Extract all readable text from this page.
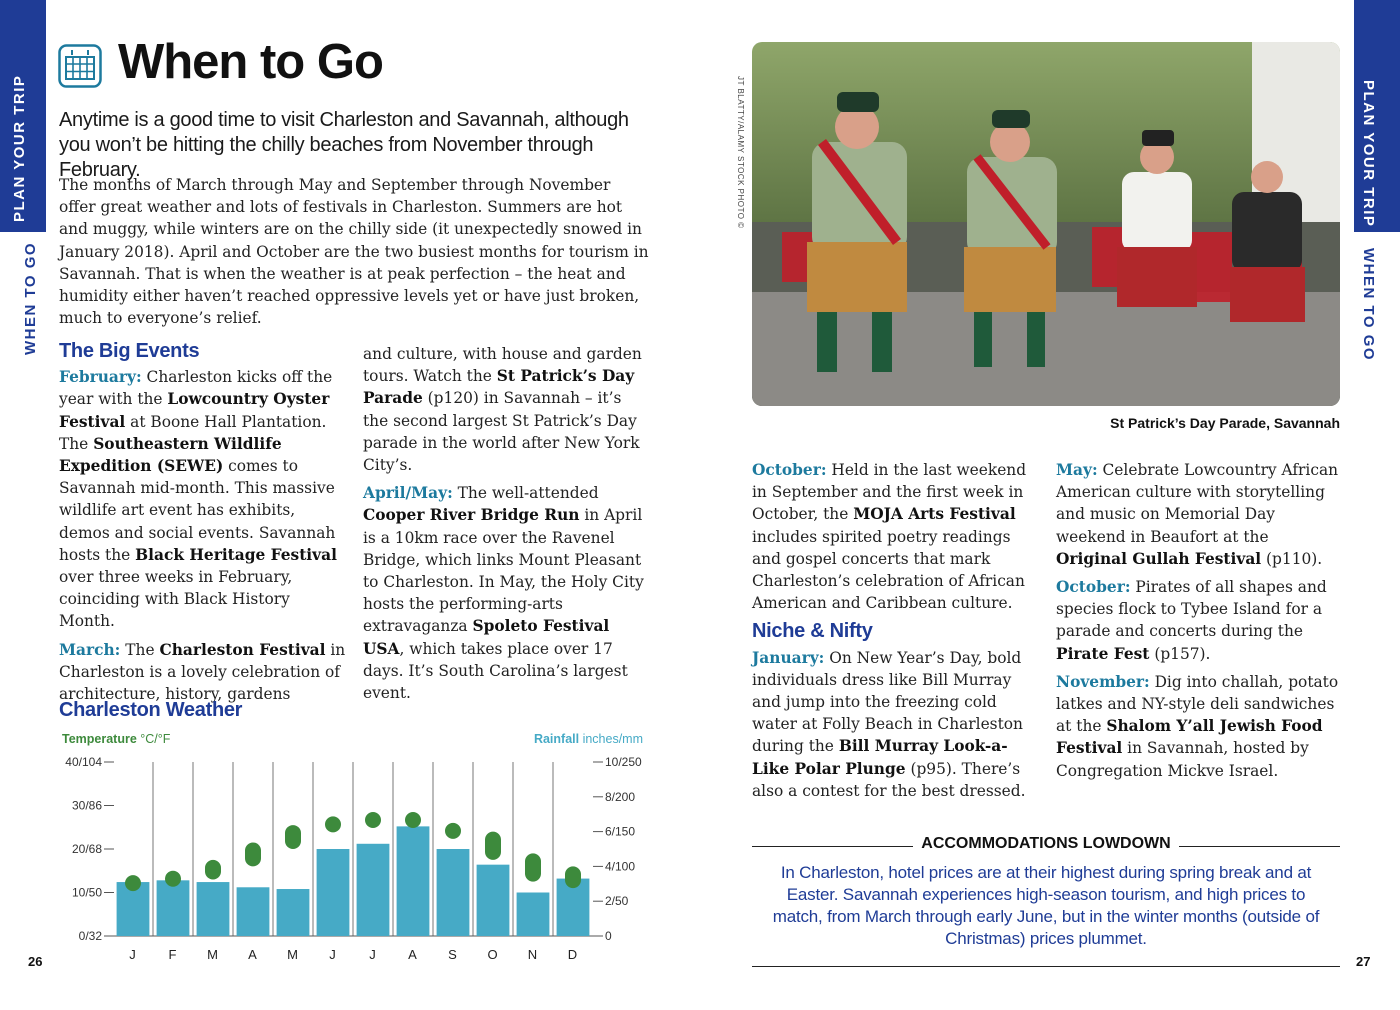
PLAN YOUR TRIP
WHEN TO GO
PLAN YOUR TRIP
WHEN TO GO
When to Go
Anytime is a good time to visit Charleston and Savannah, although you won’t be hitting the chilly beaches from November through February.
The months of March through May and September through November offer great weather and lots of festivals in Charleston. Summers are hot and muggy, while winters are on the chilly side (it unexpectedly snowed in January 2018). April and October are the two busiest months for tourism in Savannah. That is when the weather is at peak perfection – the heat and humidity either haven’t reached oppressive levels yet or have just broken, much to everyone’s relief.
The Big Events

February: Charleston kicks off the year with the Lowcountry Oyster Festival at Boone Hall Plantation. The Southeastern Wildlife Expedition (SEWE) comes to Savannah mid-month. This massive wildlife art event has exhibits, demos and social events. Savannah hosts the Black Heritage Festival over three weeks in February, coinciding with Black History Month.

March: The Charleston Festival in Charleston is a lovely celebration of architecture, history, gardens

and culture, with house and garden tours. Watch the St Patrick’s Day Parade (p120) in Savannah – it’s the second largest St Patrick’s Day parade in the world after New York City’s.

April/May: The well-attended Cooper River Bridge Run in April is a 10km race over the Ravenel Bridge, which links Mount Pleasant to Charleston. In May, the Holy City hosts the performing-arts extravaganza Spoleto Festival USA, which takes place over 17 days. It’s South Carolina’s largest event.

Charleston Weather
Temperature °C/°F	Rainfall inches/mm
0/32
10/50
20/68
30/86
40/104
0
2/50
4/100
6/150
8/200
10/250
J F M A M J	J A S O N D
JT BLATTY/ALAMY STOCK PHOTO ©
St Patrick’s Day Parade, Savannah

October: Held in the last weekend in September and the first week in October, the MOJA Arts Festival includes spirited poetry readings and gospel concerts that mark Charleston’s celebration of African American and Caribbean culture.

Niche & Nifty

January: On New Year’s Day, bold individuals dress like Bill Murray and jump into the freezing cold water at Folly Beach in Charleston during the Bill Murray Look-a-Like Polar Plunge (p95). There’s also a contest for the best dressed.

May: Celebrate Lowcountry African American culture with storytelling and music on Memorial Day weekend in Beaufort at the Original Gullah Festival (p110).

October: Pirates of all shapes and species flock to Tybee Island for a parade and concerts during the Pirate Fest (p157).

November: Dig into challah, potato latkes and NY-style deli sandwiches at the Shalom Y’all Jewish Food Festival in Savannah, hosted by Congregation Mickve Israel.

ACCOMMODATIONS LOWDOWN
In Charleston, hotel prices are at their highest during spring break and at Easter. Savannah experiences high-season tourism, and high prices to match, from March through early June, but in the winter months (outside of Christmas) prices plummet.
26	27
